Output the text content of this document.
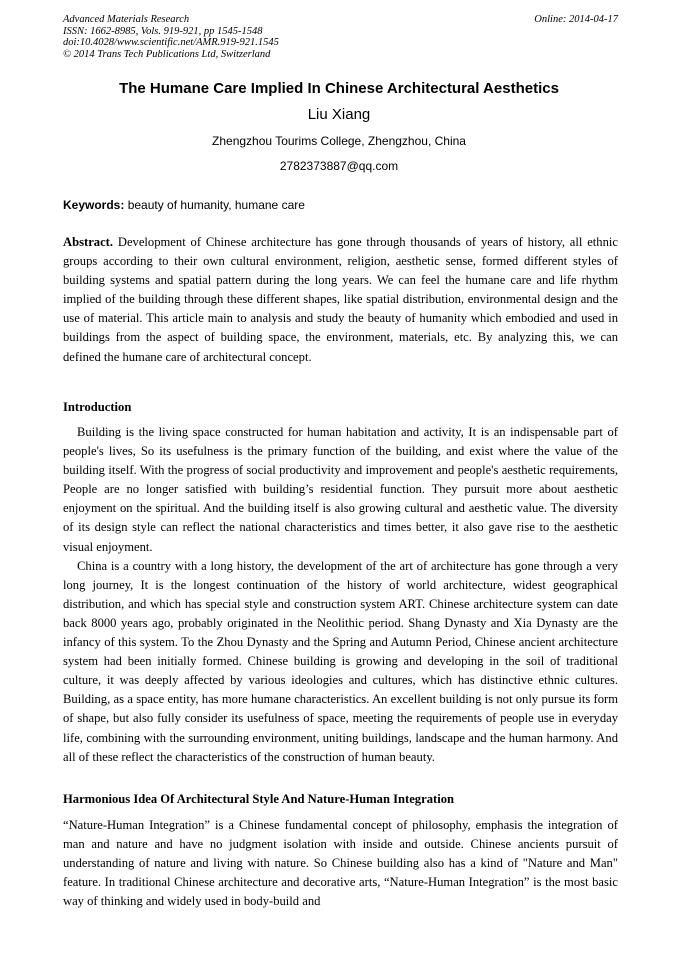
Advanced Materials Research
ISSN: 1662-8985, Vols. 919-921, pp 1545-1548
doi:10.4028/www.scientific.net/AMR.919-921.1545
© 2014 Trans Tech Publications Ltd, Switzerland
Online: 2014-04-17
The Humane Care Implied In Chinese Architectural Aesthetics
Liu Xiang
Zhengzhou Tourims College, Zhengzhou, China
2782373887@qq.com
Keywords: beauty of humanity, humane care

Abstract. Development of Chinese architecture has gone through thousands of years of history, all ethnic groups according to their own cultural environment, religion, aesthetic sense, formed different styles of building systems and spatial pattern during the long years. We can feel the humane care and life rhythm implied of the building through these different shapes, like spatial distribution, environmental design and the use of material. This article main to analysis and study the beauty of humanity which embodied and used in buildings from the aspect of building space, the environment, materials, etc. By analyzing this, we can defined the humane care of architectural concept.

Introduction

Building is the living space constructed for human habitation and activity, It is an indispensable part of people's lives, So its usefulness is the primary function of the building, and exist where the value of the building itself. With the progress of social productivity and improvement and people's aesthetic requirements, People are no longer satisfied with building’s residential function. They pursuit more about aesthetic enjoyment on the spiritual. And the building itself is also growing cultural and aesthetic value. The diversity of its design style can reflect the national characteristics and times better, it also gave rise to the aesthetic visual enjoyment.

China is a country with a long history, the development of the art of architecture has gone through a very long journey, It is the longest continuation of the history of world architecture, widest geographical distribution, and which has special style and construction system ART. Chinese architecture system can date back 8000 years ago, probably originated in the Neolithic period. Shang Dynasty and Xia Dynasty are the infancy of this system. To the Zhou Dynasty and the Spring and Autumn Period, Chinese ancient architecture system had been initially formed. Chinese building is growing and developing in the soil of traditional culture, it was deeply affected by various ideologies and cultures, which has distinctive ethnic cultures. Building, as a space entity, has more humane characteristics. An excellent building is not only pursue its form of shape, but also fully consider its usefulness of space, meeting the requirements of people use in everyday life, combining with the surrounding environment, uniting buildings, landscape and the human harmony. And all of these reflect the characteristics of the construction of human beauty.

Harmonious Idea Of Architectural Style And Nature-Human Integration

“Nature-Human Integration” is a Chinese fundamental concept of philosophy, emphasis the integration of man and nature and have no judgment isolation with inside and outside. Chinese ancients pursuit of understanding of nature and living with nature. So Chinese building also has a kind of "Nature and Man" feature. In traditional Chinese architecture and decorative arts, “Nature-Human Integration” is the most basic way of thinking and widely used in body-build and
